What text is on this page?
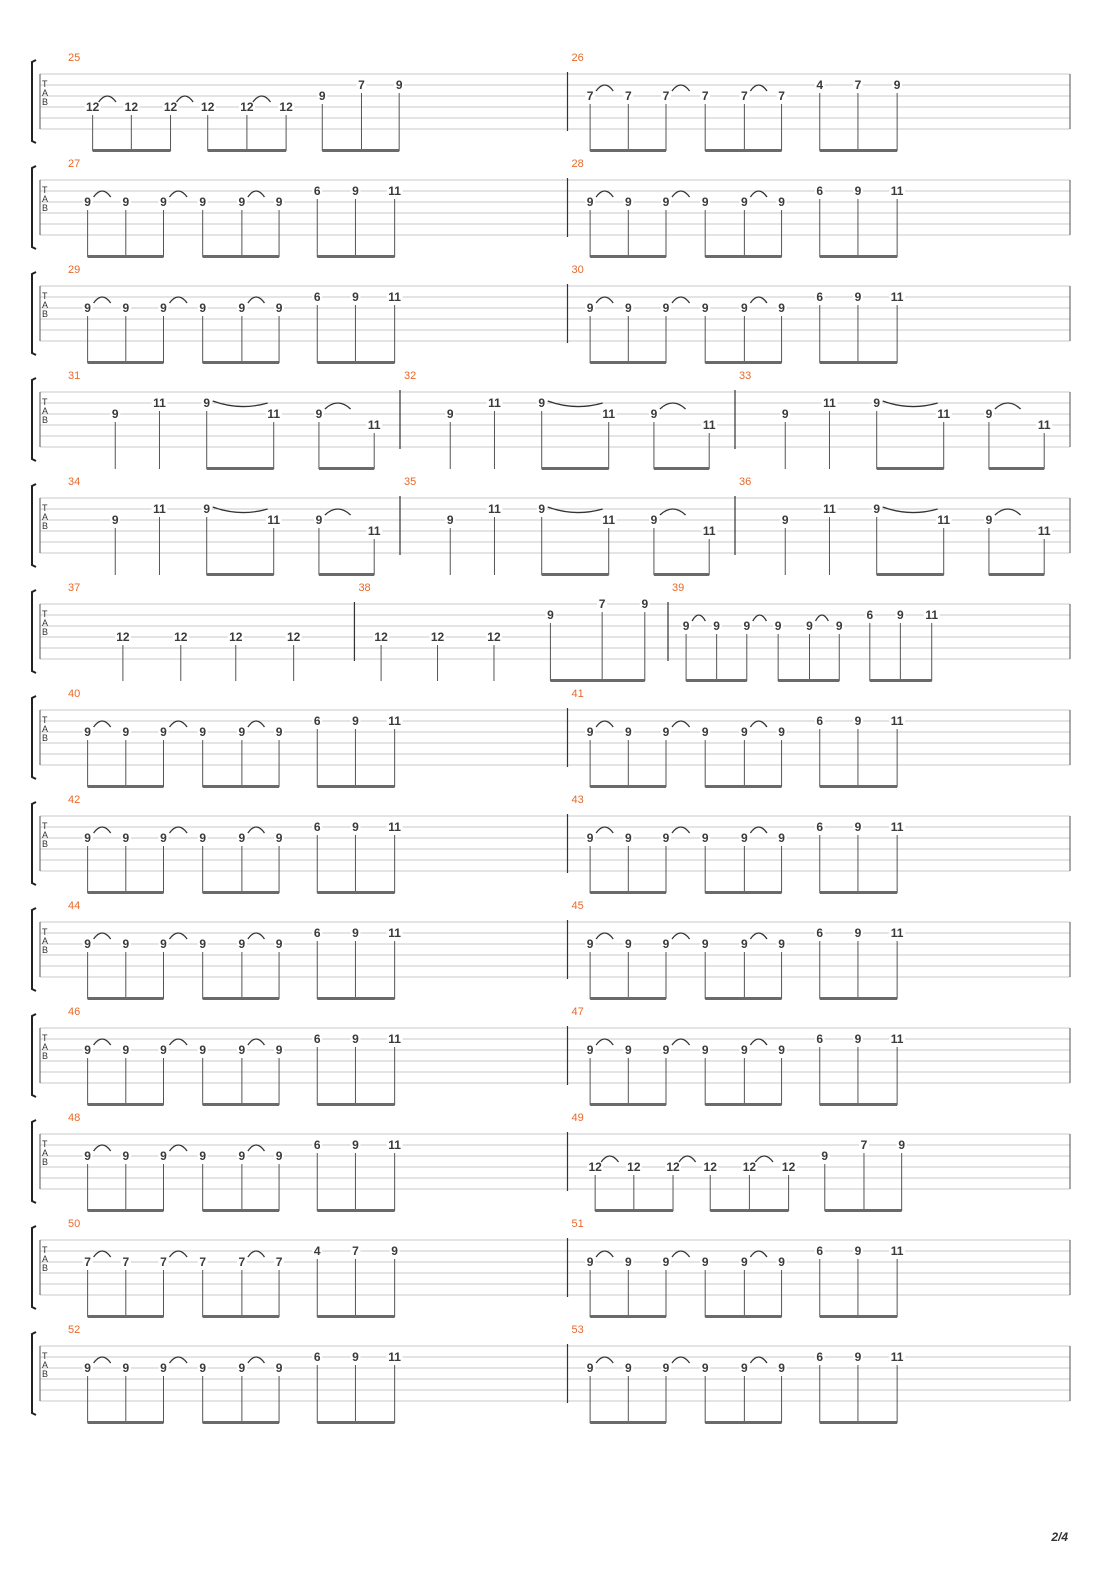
T
A
B
25
12 12 12 12 12 12
9
7	9
26
7	7	7	7	7	7
4	7	9
T
A
B
27
9	9	9	9	9	9
6	9 11
28
9	9	9	9	9	9
6	9 11
T
A
B
29
9	9	9	9	9	9
6	9 11
30
9	9	9	9	9	9
6	9 11
T
A
B
31
9
11	9
11	9
11
32
9
11	9
11	9
11
33
9
11	9
11	9
11
T
A
B
34
9
11	9
11	9
11
35
9
11	9
11	9
11
36
9
11	9
11	9
11
T
A
B
37
12	12	12	12
38
12	12	12
9
7	9
39
9 9 9 9 9 9
6 9 11
T
A
B
40
9	9	9	9	9	9
6	9 11
41
9	9	9	9	9	9
6	9 11
T
A
B
42
9	9	9	9	9	9
6	9 11
43
9	9	9	9	9	9
6	9 11
T
A
B
44
9	9	9	9	9	9
6	9 11
45
9	9	9	9	9	9
6	9 11
T
A
B
46
9	9	9	9	9	9
6	9 11
47
9	9	9	9	9	9
6	9 11
T
A
B
48
9	9	9	9	9	9
6	9 11
49
12 12 12 12 12 12
9
7	9
T
A
B
50
7	7	7	7	7	7
4	7	9
51
9	9	9	9	9	9
6	9 11
T
A
B
52
9	9	9	9	9	9
6	9 11
53
9	9	9	9	9	9
6	9 11
2/4
